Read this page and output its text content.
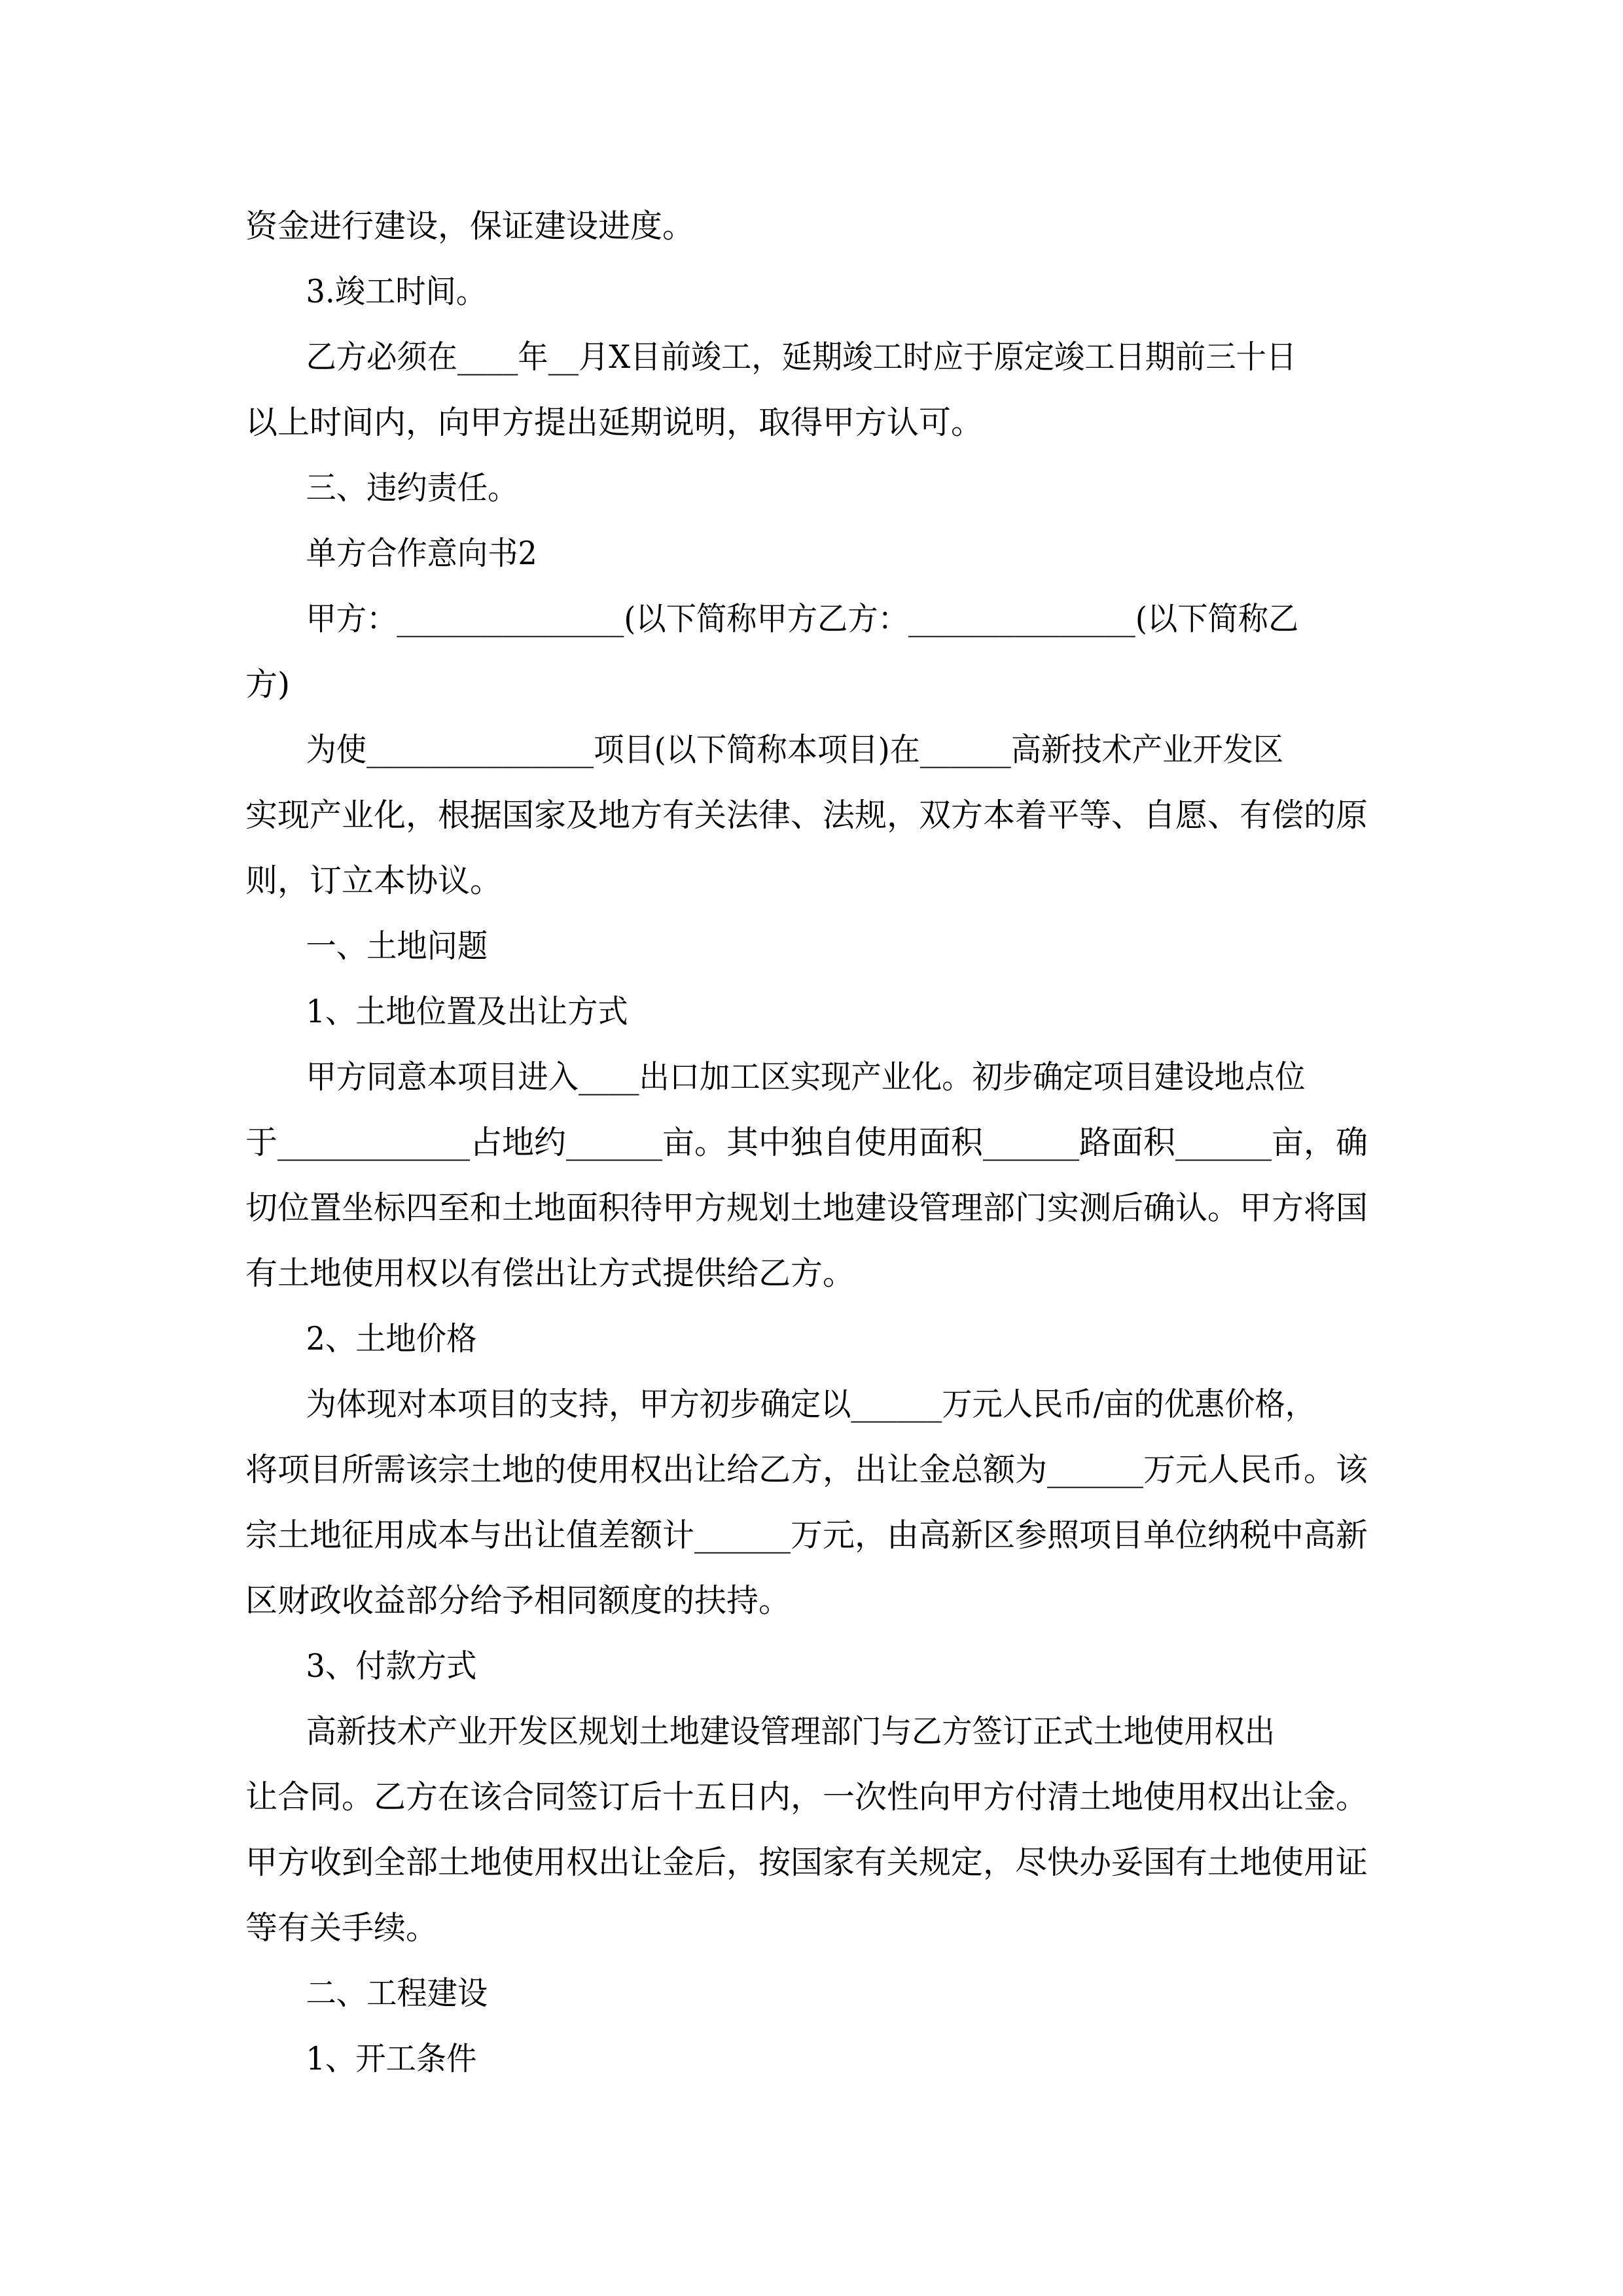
资金进行建设，保证建设进度。
3.竣工时间。
乙方必须在____年__月X目前竣工，延期竣工时应于原定竣工日期前三十日
以上时间内，向甲方提出延期说明，取得甲方认可。
三、违约责任。
单方合作意向书2
甲方：_______________(以下简称甲方乙方：_______________(以下简称乙
方)
为使_______________项目(以下简称本项目)在______高新技术产业开发区
实现产业化，根据国家及地方有关法律、法规，双方本着平等、自愿、有偿的原
则，订立本协议。
一、土地问题
1、土地位置及出让方式
甲方同意本项目进入____出口加工区实现产业化。初步确定项目建设地点位
于____________占地约______亩。其中独自使用面积______路面积______亩，确
切位置坐标四至和土地面积待甲方规划土地建设管理部门实测后确认。甲方将国
有土地使用权以有偿出让方式提供给乙方。
2、土地价格
为体现对本项目的支持，甲方初步确定以______万元人民币/亩的优惠价格，
将项目所需该宗土地的使用权出让给乙方，出让金总额为______万元人民币。该
宗土地征用成本与出让值差额计______万元，由高新区参照项目单位纳税中高新
区财政收益部分给予相同额度的扶持。
3、付款方式
高新技术产业开发区规划土地建设管理部门与乙方签订正式土地使用权出
让合同。乙方在该合同签订后十五日内，一次性向甲方付清土地使用权出让金。
甲方收到全部土地使用权出让金后，按国家有关规定，尽快办妥国有土地使用证
等有关手续。
二、工程建设
1、开工条件
